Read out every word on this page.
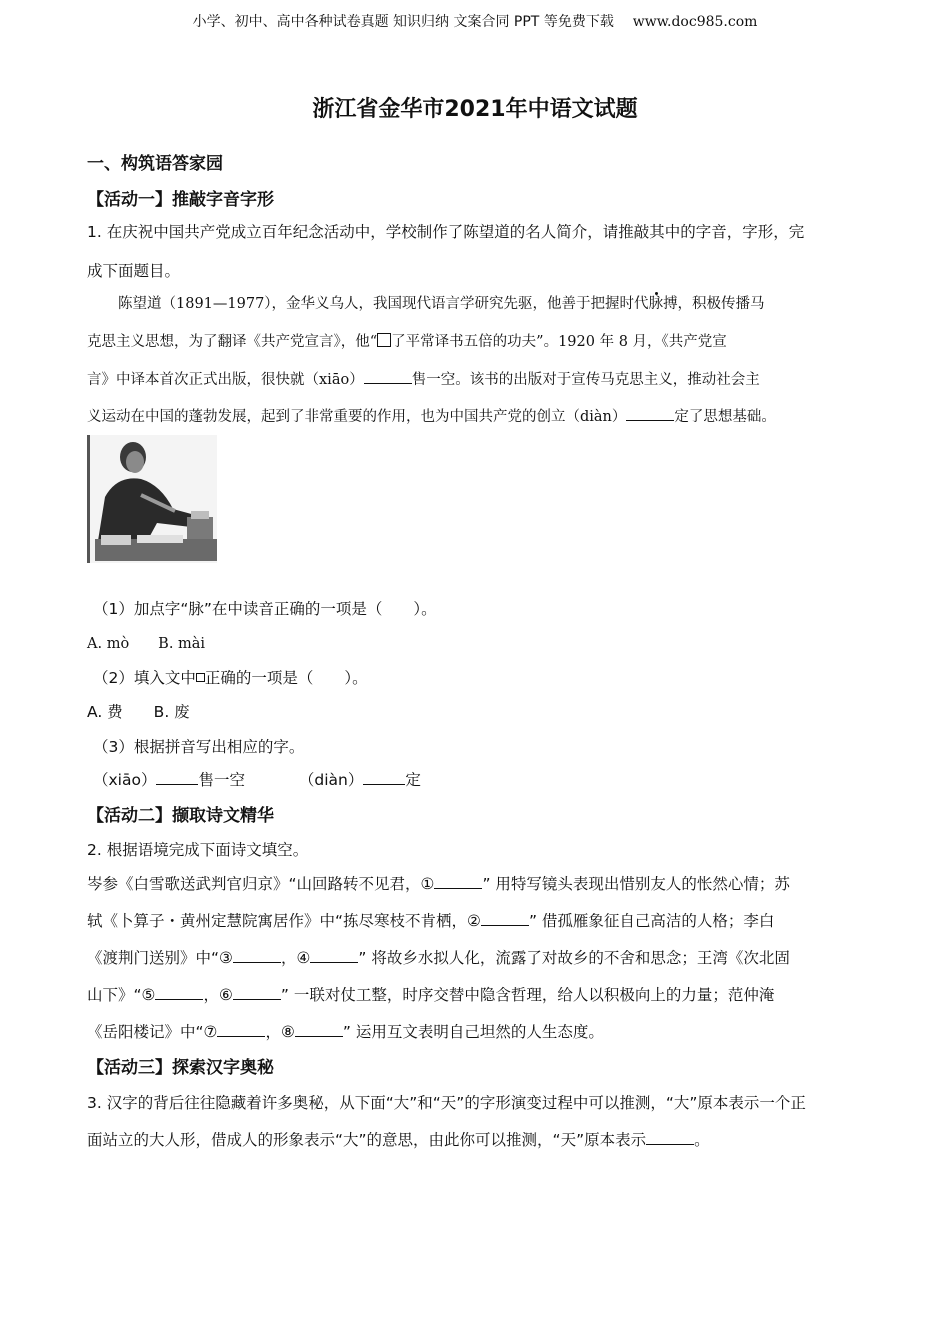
小学、初中、高中各种试卷真题 知识归纳 文案合同 PPT 等免费下载 www.doc985.com
浙江省金华市2021年中语文试题
一、构筑语答家园
【活动一】推敲字音字形
1. 在庆祝中国共产党成立百年纪念活动中，学校制作了陈望道的名人简介，请推敲其中的字音，字形，完
成下面题目。
陈望道（1891—1977），金华义乌人，我国现代语言学研究先驱，他善于把握时代脉搏，积极传播马
克思主义思想，为了翻译《共产党宣言》，他“ 了平常译书五倍的功夫”。1920 年 8 月，《共产党宣
言》中译本首次正式出版，很快就（xiāo）	售一空。该书的出版对于宣传马克思主义，推动社会主
义运动在中国的蓬勃发展，起到了非常重要的作用，也为中国共产党的创立（diàn）	定了思想基础。
（1）加点字“脉”在中读音正确的一项是（　　）。
A. mò　　B. mài
（2）填入文中 正确的一项是（　　）。
A. 费　　B. 废
（3）根据拼音写出相应的字。
（xiāo）	售一空	（diàn）	定
【活动二】撷取诗文精华
2. 根据语境完成下面诗文填空。
岑参《白雪歌送武判官归京》“山回路转不见君，①	” 用特写镜头表现出惜别友人的怅然心情；苏
轼《卜算子・黄州定慧院寓居作》中“拣尽寒枝不肯栖，②	” 借孤雁象征自己高洁的人格；李白
《渡荆门送别》中“③	，④	” 将故乡水拟人化，流露了对故乡的不舍和思念；王湾《次北固
山下》“⑤	，⑥	” 一联对仗工整，时序交替中隐含哲理，给人以积极向上的力量；范仲淹
《岳阳楼记》中“⑦	，⑧	” 运用互文表明自己坦然的人生态度。
【活动三】探索汉字奥秘
3. 汉字的背后往往隐藏着许多奥秘，从下面“大”和“天”的字形演变过程中可以推测，“大”原本表示一个正
面站立的大人形，借成人的形象表示“大”的意思，由此你可以推测，“天”原本表示	。
